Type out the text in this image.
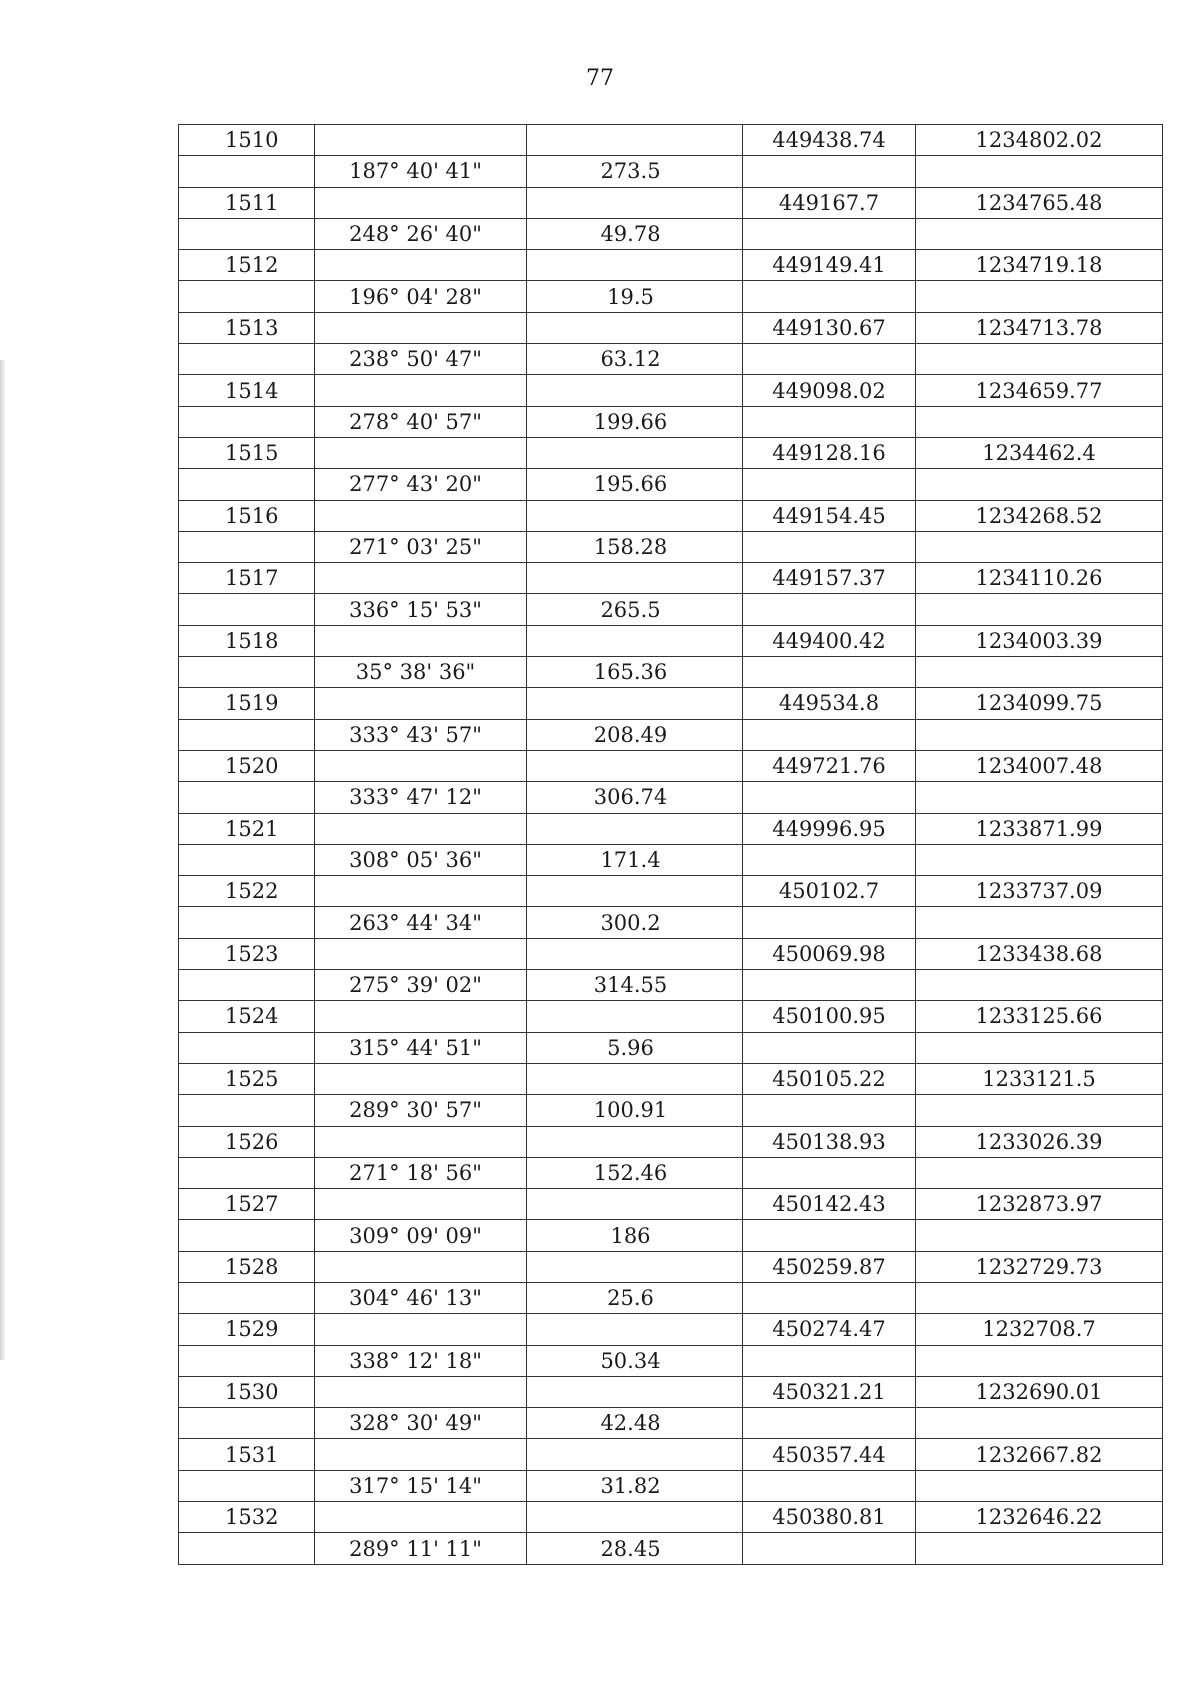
77
1510			449438.74	1234802.02
	187° 40' 41"	273.5		
1511			449167.7	1234765.48
	248° 26' 40"	49.78		
1512			449149.41	1234719.18
	196° 04' 28"	19.5		
1513			449130.67	1234713.78
	238° 50' 47"	63.12		
1514			449098.02	1234659.77
	278° 40' 57"	199.66		
1515			449128.16	1234462.4
	277° 43' 20"	195.66		
1516			449154.45	1234268.52
	271° 03' 25"	158.28		
1517			449157.37	1234110.26
	336° 15' 53"	265.5		
1518			449400.42	1234003.39
	35° 38' 36"	165.36		
1519			449534.8	1234099.75
	333° 43' 57"	208.49		
1520			449721.76	1234007.48
	333° 47' 12"	306.74		
1521			449996.95	1233871.99
	308° 05' 36"	171.4		
1522			450102.7	1233737.09
	263° 44' 34"	300.2		
1523			450069.98	1233438.68
	275° 39' 02"	314.55		
1524			450100.95	1233125.66
	315° 44' 51"	5.96		
1525			450105.22	1233121.5
	289° 30' 57"	100.91		
1526			450138.93	1233026.39
	271° 18' 56"	152.46		
1527			450142.43	1232873.97
	309° 09' 09"	186		
1528			450259.87	1232729.73
	304° 46' 13"	25.6		
1529			450274.47	1232708.7
	338° 12' 18"	50.34		
1530			450321.21	1232690.01
	328° 30' 49"	42.48		
1531			450357.44	1232667.82
	317° 15' 14"	31.82		
1532			450380.81	1232646.22
	289° 11' 11"	28.45		
